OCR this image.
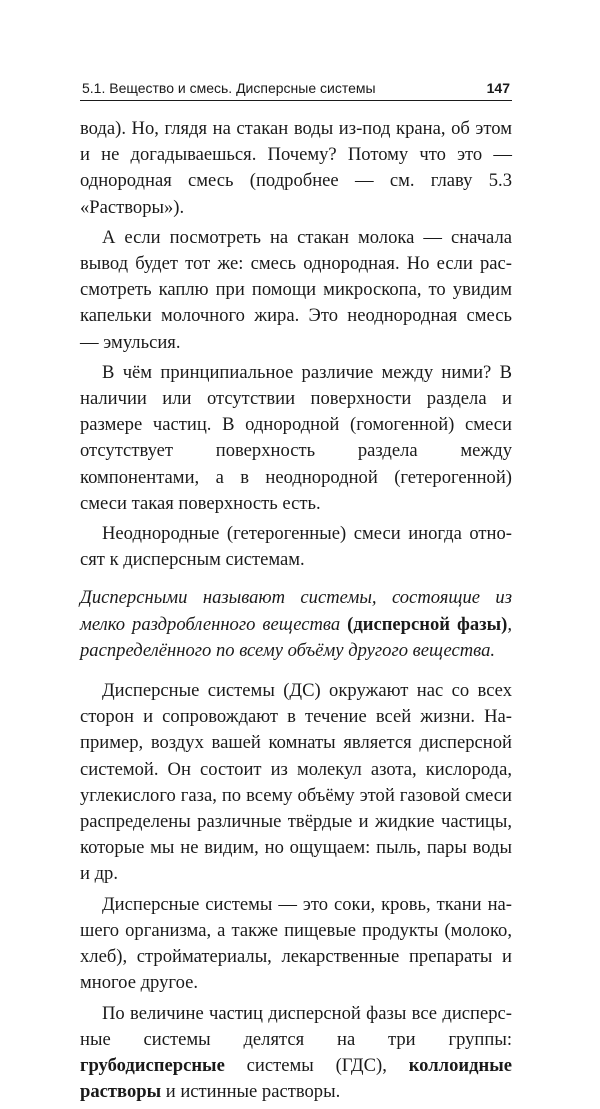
5.1. Вещество и смесь. Дисперсные системы	147

вода). Но, глядя на стакан воды из-под крана, об этом и не догадываешься. Почему? Потому что это — однородная смесь (подробнее — см. главу 5.3 «Растворы»).

А если посмотреть на стакан молока — сначала вывод будет тот же: смесь однородная. Но если рассмотреть каплю при помощи микроскопа, то увидим капельки молочного жира. Это неоднородная смесь — эмульсия.

В чём принципиальное различие между ними? В наличии или отсутствии поверхности раздела и размере частиц. В однородной (гомогенной) смеси отсутствует поверхность раздела между компонентами, а в неоднородной (гетерогенной) смеси такая поверхность есть.

Неоднородные (гетерогенные) смеси иногда относят к дисперсным системам.

Дисперсными называют системы, состоящие из мелко раздробленного вещества (дисперсной фазы), распределённого по всему объёму другого вещества.

Дисперсные системы (ДС) окружают нас со всех сторон и сопровождают в течение всей жизни. Например, воздух вашей комнаты является дисперсной системой. Он состоит из молекул азота, кислорода, углекислого газа, по всему объёму этой газовой смеси распределены различные твёрдые и жидкие частицы, которые мы не видим, но ощущаем: пыль, пары воды и др.

Дисперсные системы — это соки, кровь, ткани нашего организма, а также пищевые продукты (молоко, хлеб), стройматериалы, лекарственные препараты и многое другое.

По величине частиц дисперсной фазы все дисперсные системы делятся на три группы: грубодисперсные системы (ГДС), коллоидные растворы и истинные растворы.
